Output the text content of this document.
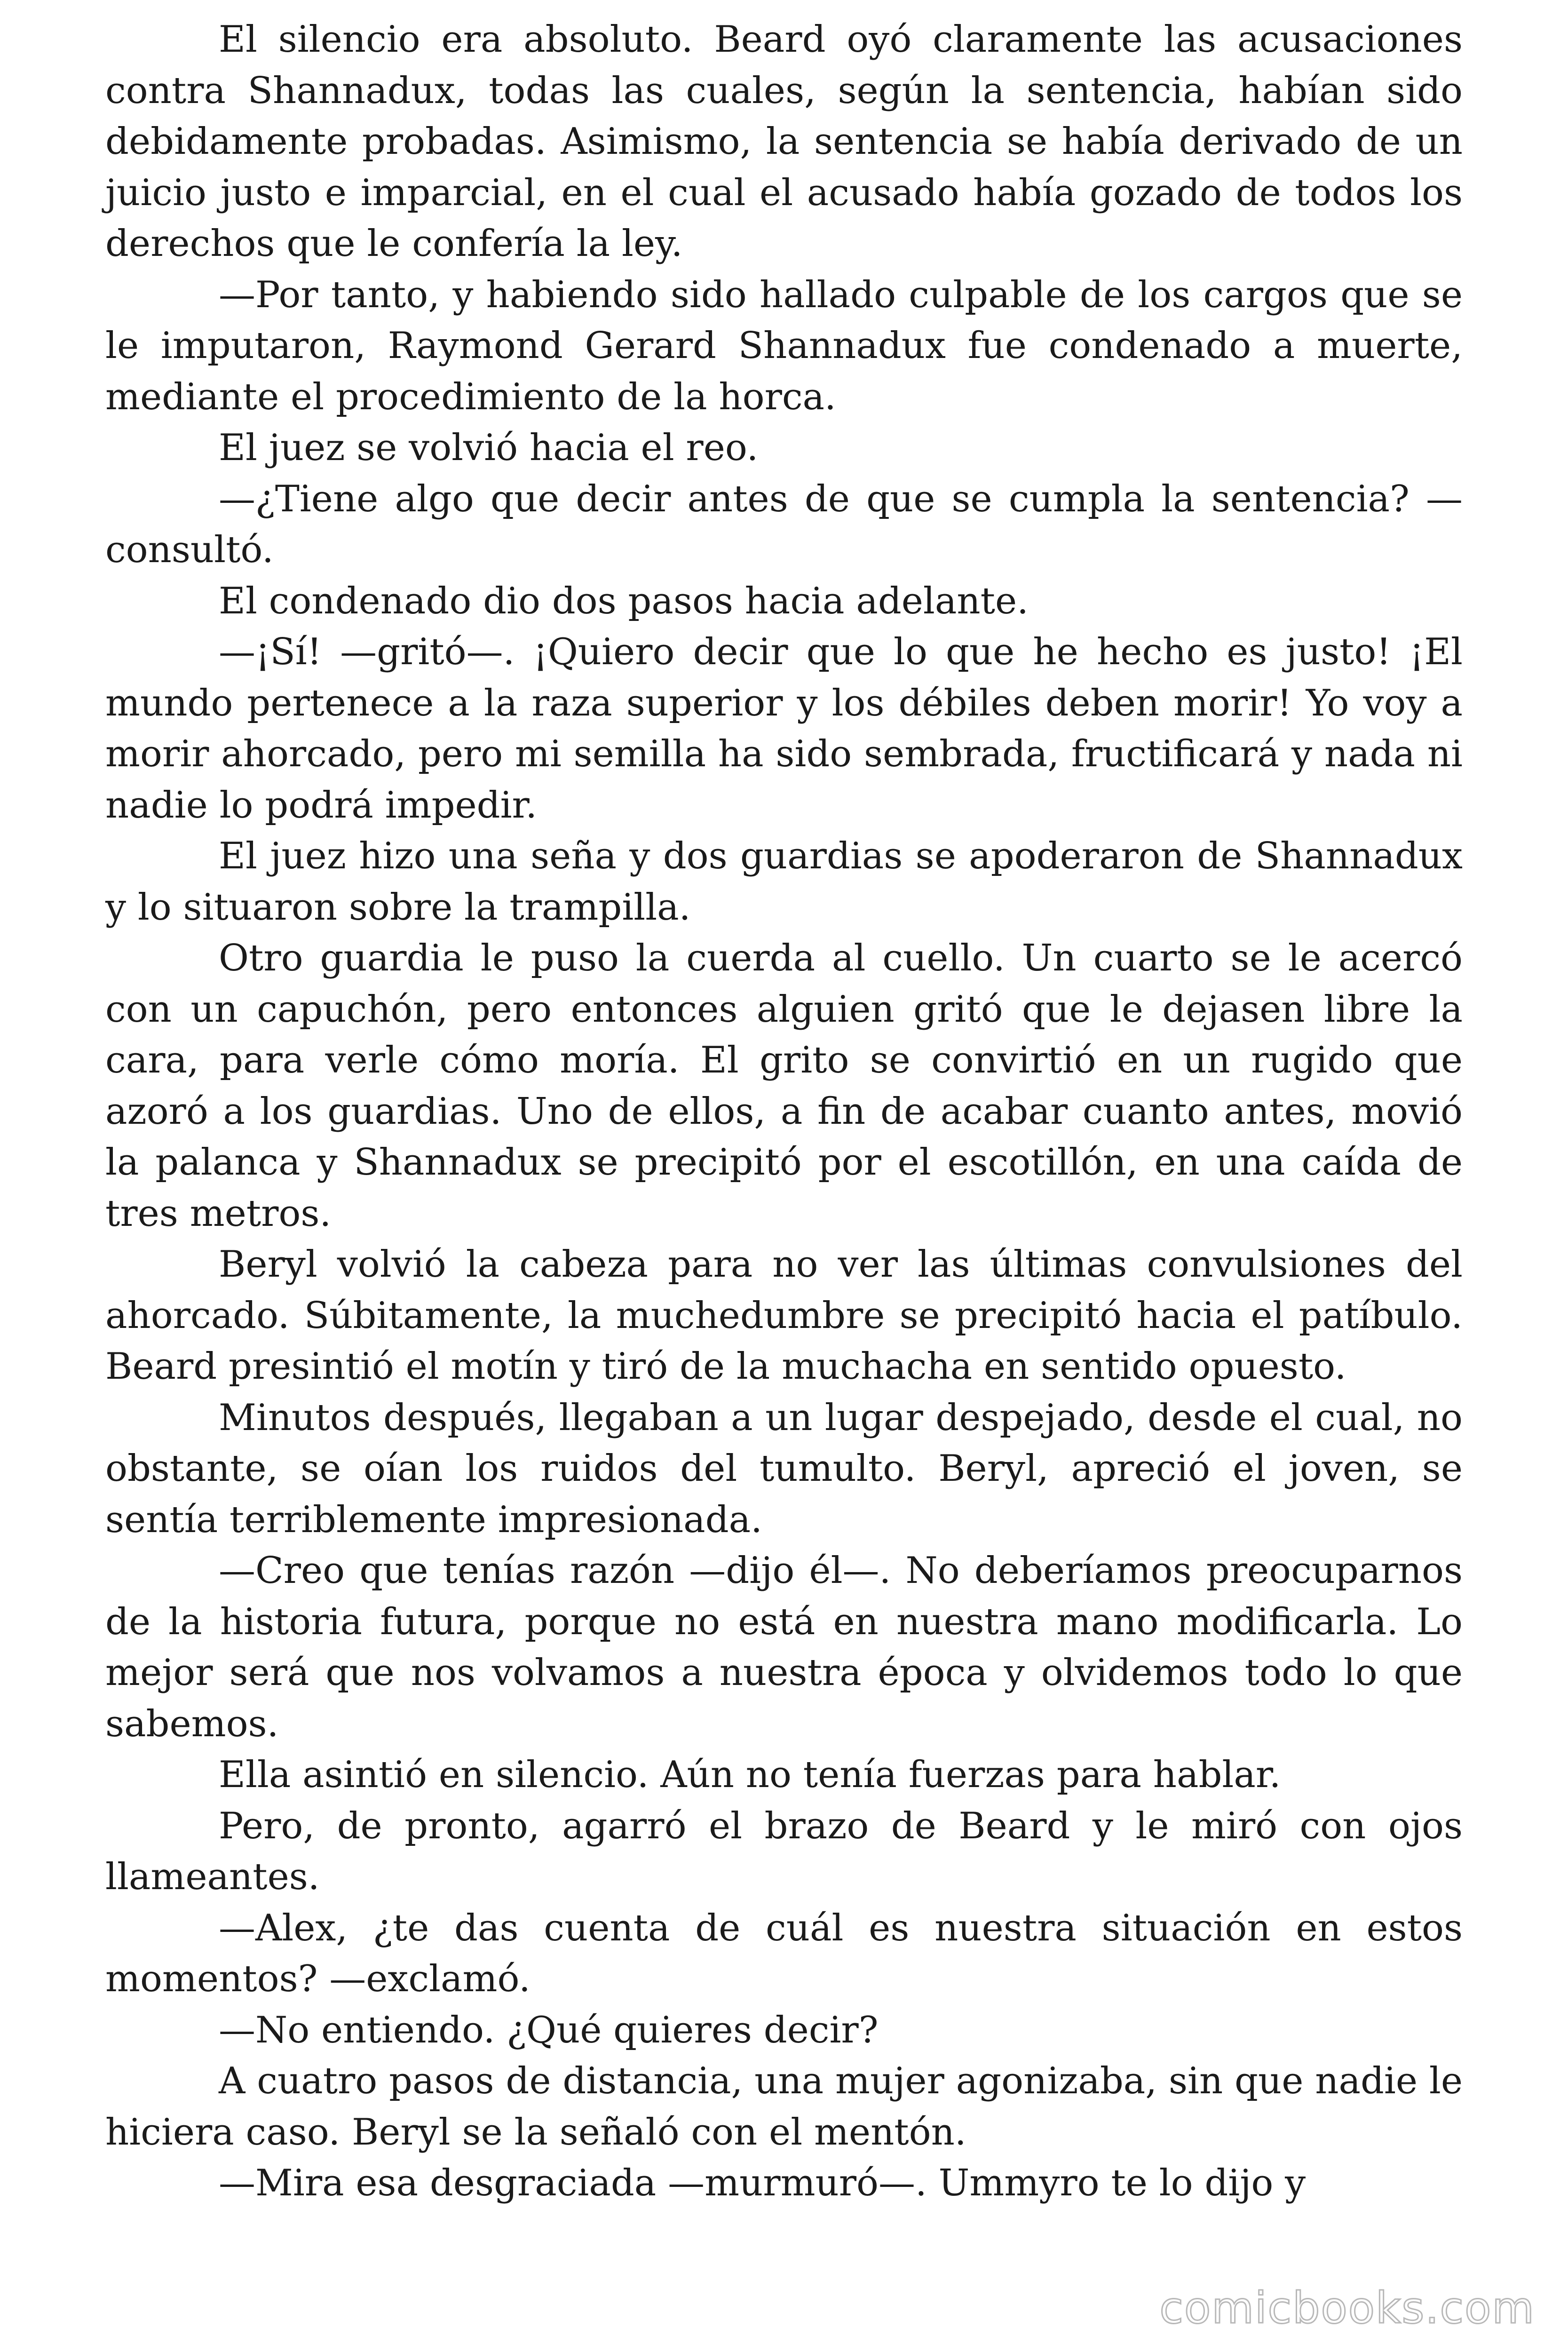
El silencio era absoluto. Beard oyó claramente las acusaciones contra Shannadux, todas las cuales, según la sentencia, habían sido debidamente probadas. Asimismo, la sentencia se había derivado de un juicio justo e imparcial, en el cual el acusado había gozado de todos los derechos que le confería la ley.

—Por tanto, y habiendo sido hallado culpable de los cargos que se le imputaron, Raymond Gerard Shannadux fue condenado a muerte, mediante el procedimiento de la horca.

El juez se volvió hacia el reo.

—¿Tiene algo que decir antes de que se cumpla la sentencia? —consultó.

El condenado dio dos pasos hacia adelante.

—¡Sí! —gritó—. ¡Quiero decir que lo que he hecho es justo! ¡El mundo pertenece a la raza superior y los débiles deben morir! Yo voy a morir ahorcado, pero mi semilla ha sido sembrada, fructificará y nada ni nadie lo podrá impedir.

El juez hizo una seña y dos guardias se apoderaron de Shannadux y lo situaron sobre la trampilla.

Otro guardia le puso la cuerda al cuello. Un cuarto se le acercó con un capuchón, pero entonces alguien gritó que le dejasen libre la cara, para verle cómo moría. El grito se convirtió en un rugido que azoró a los guardias. Uno de ellos, a fin de acabar cuanto antes, movió la palanca y Shannadux se precipitó por el escotillón, en una caída de tres metros.

Beryl volvió la cabeza para no ver las últimas convulsiones del ahorcado. Súbitamente, la muchedumbre se precipitó hacia el patíbulo. Beard presintió el motín y tiró de la muchacha en sentido opuesto.

Minutos después, llegaban a un lugar despejado, desde el cual, no obstante, se oían los ruidos del tumulto. Beryl, apreció el joven, se sentía terriblemente impresionada.

—Creo que tenías razón —dijo él—. No deberíamos preocuparnos de la historia futura, porque no está en nuestra mano modificarla. Lo mejor será que nos volvamos a nuestra época y olvidemos todo lo que sabemos.

Ella asintió en silencio. Aún no tenía fuerzas para hablar.

Pero, de pronto, agarró el brazo de Beard y le miró con ojos llameantes.

—Alex, ¿te das cuenta de cuál es nuestra situación en estos momentos? —exclamó.

—No entiendo. ¿Qué quieres decir?

A cuatro pasos de distancia, una mujer agonizaba, sin que nadie le hiciera caso. Beryl se la señaló con el mentón.

—Mira esa desgraciada —murmuró—. Ummyro te lo dijo y

comicbooks.com
